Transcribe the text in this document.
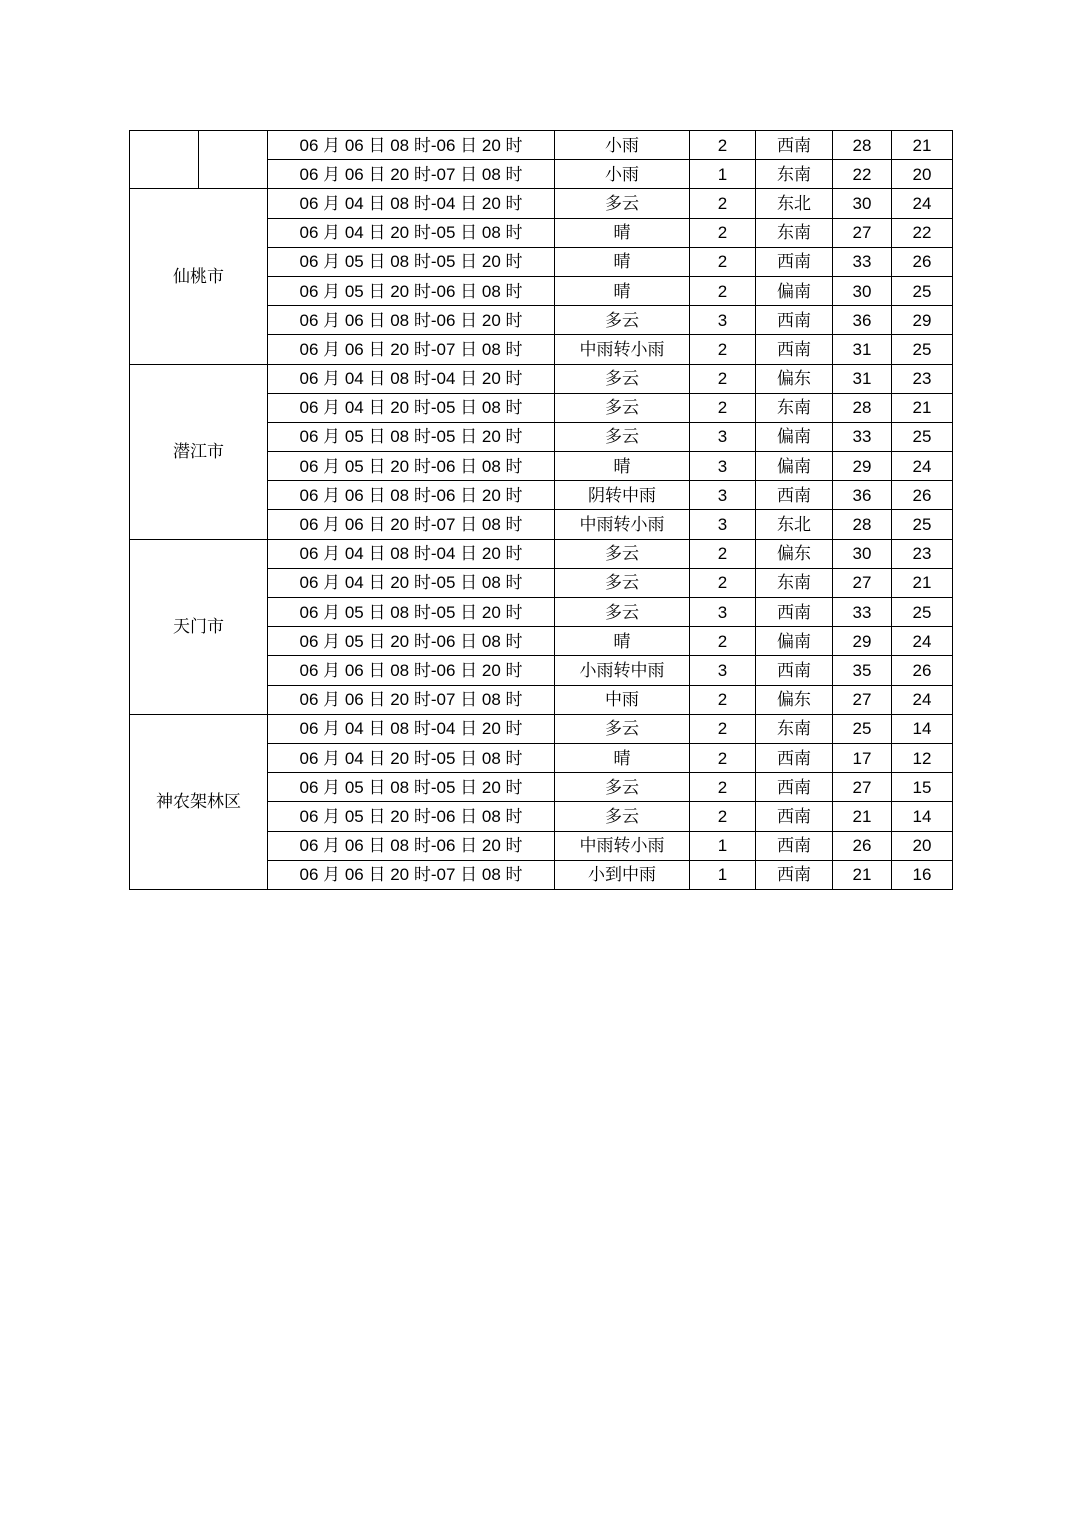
		06 月 06 日 08 时-06 日 20 时	小雨	2	西南	28	21
		06 月 06 日 20 时-07 日 08 时	小雨	1	东南	22	20
仙桃市		06 月 04 日 08 时-04 日 20 时	多云	2	东北	30	24
		06 月 04 日 20 时-05 日 08 时	晴	2	东南	27	22
		06 月 05 日 08 时-05 日 20 时	晴	2	西南	33	26
		06 月 05 日 20 时-06 日 08 时	晴	2	偏南	30	25
		06 月 06 日 08 时-06 日 20 时	多云	3	西南	36	29
		06 月 06 日 20 时-07 日 08 时	中雨转小雨	2	西南	31	25
潜江市		06 月 04 日 08 时-04 日 20 时	多云	2	偏东	31	23
		06 月 04 日 20 时-05 日 08 时	多云	2	东南	28	21
		06 月 05 日 08 时-05 日 20 时	多云	3	偏南	33	25
		06 月 05 日 20 时-06 日 08 时	晴	3	偏南	29	24
		06 月 06 日 08 时-06 日 20 时	阴转中雨	3	西南	36	26
		06 月 06 日 20 时-07 日 08 时	中雨转小雨	3	东北	28	25
天门市		06 月 04 日 08 时-04 日 20 时	多云	2	偏东	30	23
		06 月 04 日 20 时-05 日 08 时	多云	2	东南	27	21
		06 月 05 日 08 时-05 日 20 时	多云	3	西南	33	25
		06 月 05 日 20 时-06 日 08 时	晴	2	偏南	29	24
		06 月 06 日 08 时-06 日 20 时	小雨转中雨	3	西南	35	26
		06 月 06 日 20 时-07 日 08 时	中雨	2	偏东	27	24
神农架林区		06 月 04 日 08 时-04 日 20 时	多云	2	东南	25	14
		06 月 04 日 20 时-05 日 08 时	晴	2	西南	17	12
		06 月 05 日 08 时-05 日 20 时	多云	2	西南	27	15
		06 月 05 日 20 时-06 日 08 时	多云	2	西南	21	14
		06 月 06 日 08 时-06 日 20 时	中雨转小雨	1	西南	26	20
		06 月 06 日 20 时-07 日 08 时	小到中雨	1	西南	21	16
